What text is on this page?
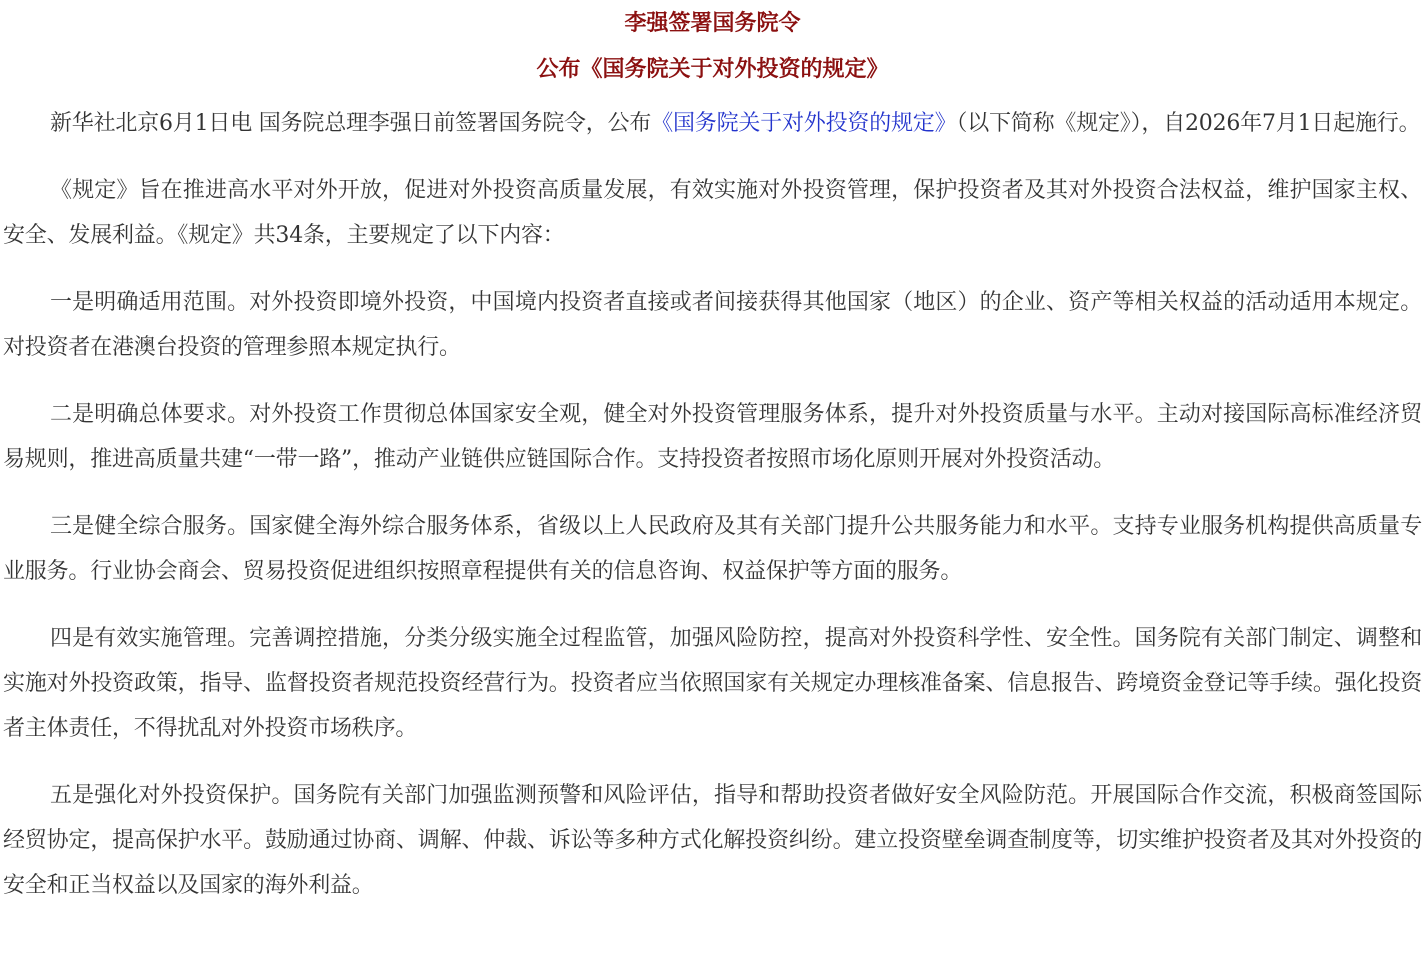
李强签署国务院令
公布《国务院关于对外投资的规定》

新华社北京6月1日电 国务院总理李强日前签署国务院令，公布《国务院关于对外投资的规定》（以下简称《规定》），自2026年7月1日起施行。

《规定》旨在推进高水平对外开放，促进对外投资高质量发展，有效实施对外投资管理，保护投资者及其对外投资合法权益，维护国家主权、安全、发展利益。《规定》共34条，主要规定了以下内容：

一是明确适用范围。对外投资即境外投资，中国境内投资者直接或者间接获得其他国家（地区）的企业、资产等相关权益的活动适用本规定。对投资者在港澳台投资的管理参照本规定执行。

二是明确总体要求。对外投资工作贯彻总体国家安全观，健全对外投资管理服务体系，提升对外投资质量与水平。主动对接国际高标准经济贸易规则，推进高质量共建“一带一路”，推动产业链供应链国际合作。支持投资者按照市场化原则开展对外投资活动。

三是健全综合服务。国家健全海外综合服务体系，省级以上人民政府及其有关部门提升公共服务能力和水平。支持专业服务机构提供高质量专业服务。行业协会商会、贸易投资促进组织按照章程提供有关的信息咨询、权益保护等方面的服务。

四是有效实施管理。完善调控措施，分类分级实施全过程监管，加强风险防控，提高对外投资科学性、安全性。国务院有关部门制定、调整和实施对外投资政策，指导、监督投资者规范投资经营行为。投资者应当依照国家有关规定办理核准备案、信息报告、跨境资金登记等手续。强化投资者主体责任，不得扰乱对外投资市场秩序。

五是强化对外投资保护。国务院有关部门加强监测预警和风险评估，指导和帮助投资者做好安全风险防范。开展国际合作交流，积极商签国际经贸协定，提高保护水平。鼓励通过协商、调解、仲裁、诉讼等多种方式化解投资纠纷。建立投资壁垒调查制度等，切实维护投资者及其对外投资的安全和正当权益以及国家的海外利益。
